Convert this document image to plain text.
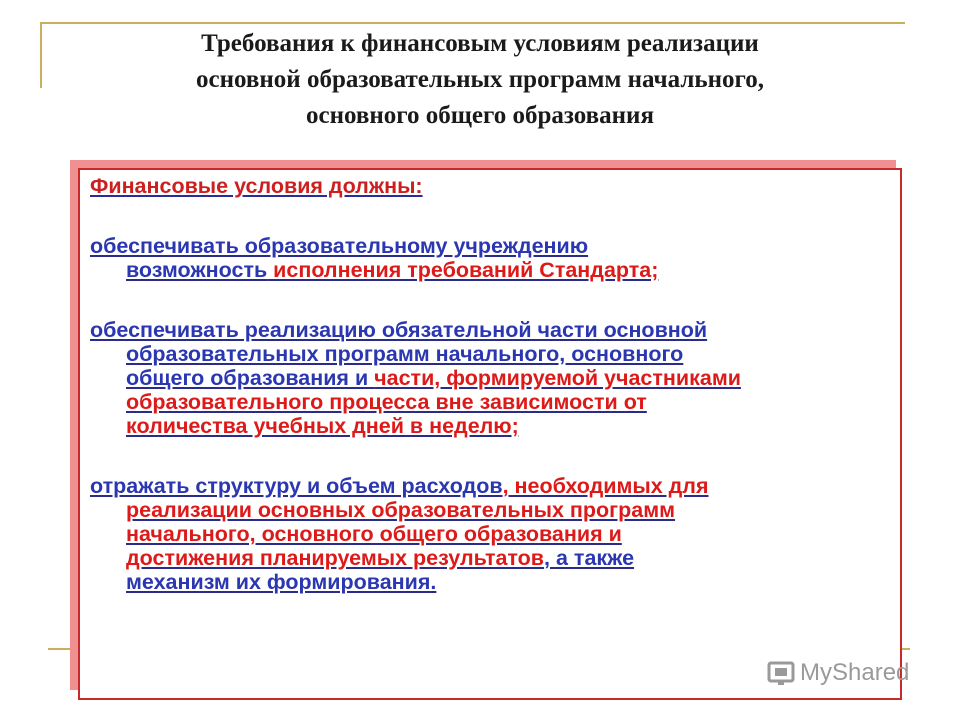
Требования к финансовым условиям реализации
основной образовательных программ начального,
основного общего образования
Финансовые условия должны:
обеспечивать образовательному учреждению
возможность исполнения требований Стандарта;
обеспечивать реализацию обязательной части основной
образовательных программ начального, основного
общего образования и части, формируемой участниками
образовательного процесса вне зависимости от
количества учебных дней в неделю;
отражать структуру и объем расходов, необходимых для
реализации основных образовательных программ
начального, основного общего образования и
достижения планируемых результатов, а также
механизм их формирования.
MyShared
